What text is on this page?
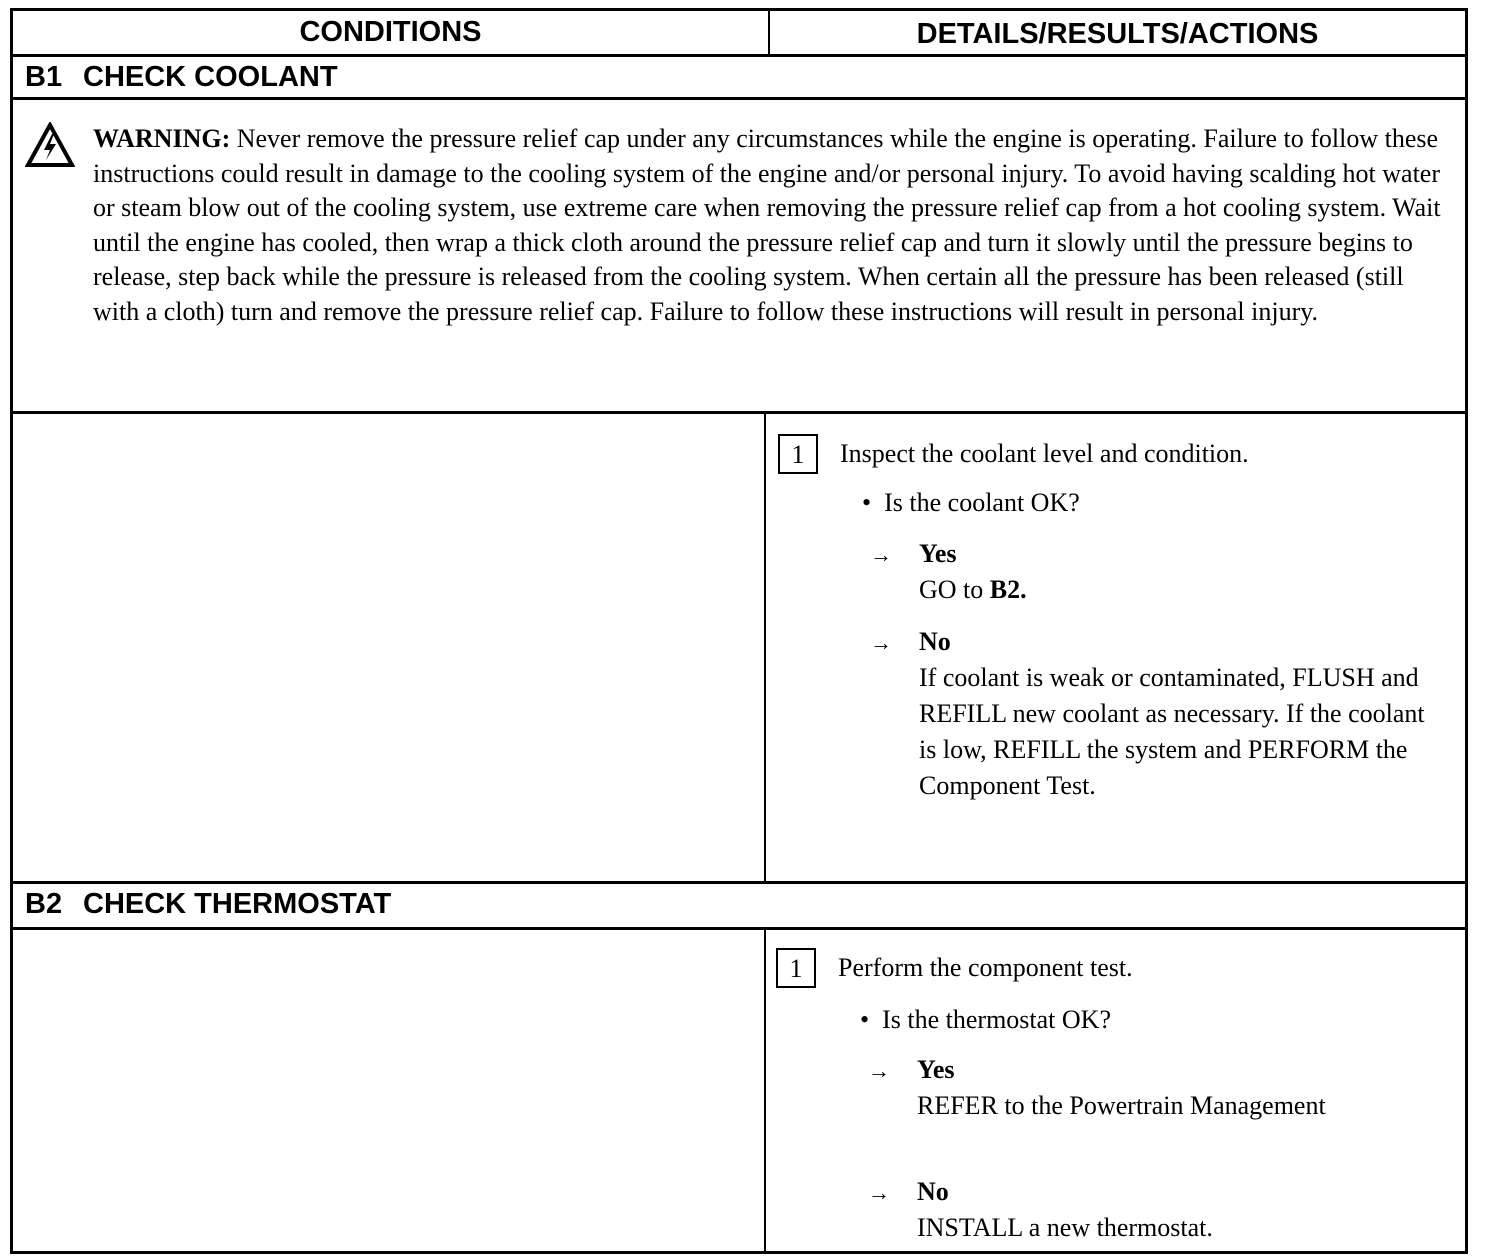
CONDITIONS	DETAILS/RESULTS/ACTIONS
B1 CHECK COOLANT
WARNING: Never remove the pressure relief cap under any circumstances while the engine is operating. Failure to follow these instructions could result in damage to the cooling system of the engine and/or personal injury. To avoid having scalding hot water or steam blow out of the cooling system, use extreme care when removing the pressure relief cap from a hot cooling system. Wait until the engine has cooled, then wrap a thick cloth around the pressure relief cap and turn it slowly until the pressure begins to release, step back while the pressure is released from the cooling system. When certain all the pressure has been released (still with a cloth) turn and remove the pressure relief cap. Failure to follow these instructions will result in personal injury.
1	Inspect the coolant level and condition.
• Is the coolant OK?
→	Yes
GO to B2.
→	No
If coolant is weak or contaminated, FLUSH and REFILL new coolant as necessary. If the coolant is low, REFILL the system and PERFORM the Component Test.
B2 CHECK THERMOSTAT
1	Perform the component test.
• Is the thermostat OK?
→	Yes
REFER to the Powertrain Management
→	No
INSTALL a new thermostat.
